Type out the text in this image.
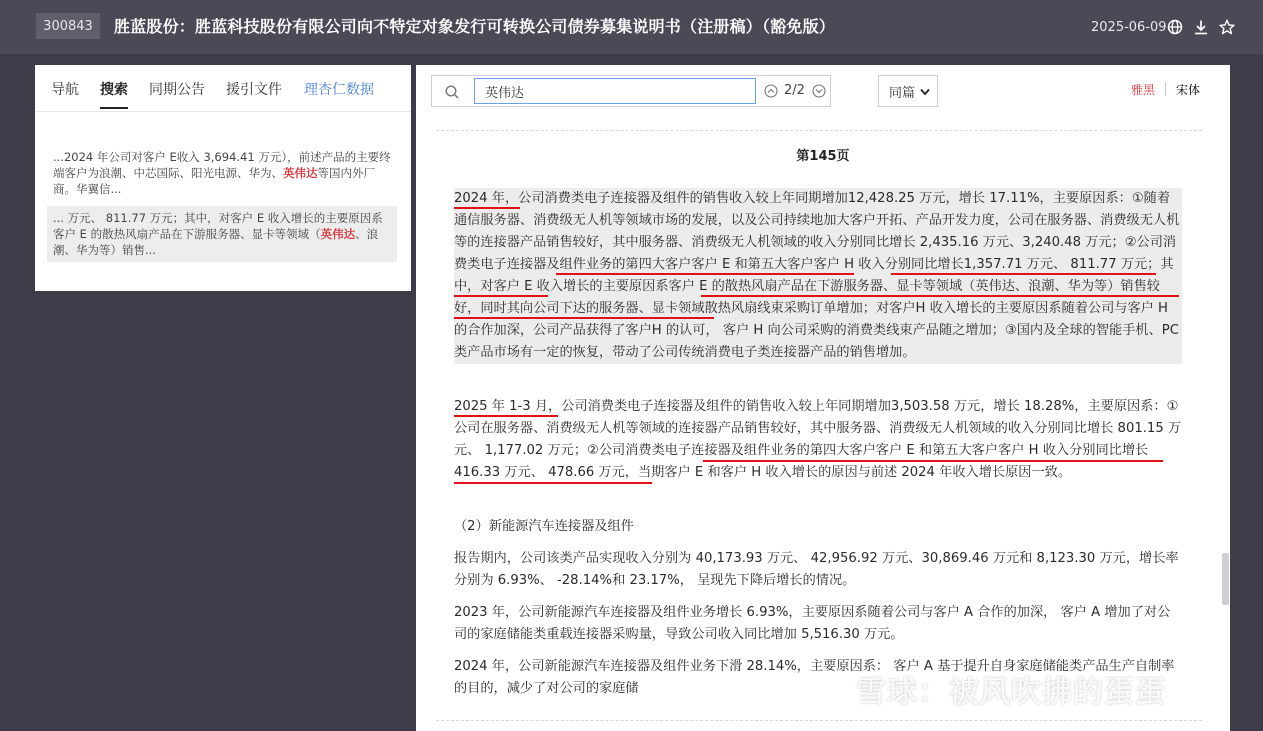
300843	胜蓝股份：胜蓝科技股份有限公司向不特定对象发行可转换公司债券募集说明书（注册稿）（豁免版）	2025-06-09
导航 搜索 同期公告 援引文件 理杏仁数据
...2024 年公司对客户 E收入 3,694.41 万元），前述产品的主要终端客户为浪潮、中芯国际、阳光电源、华为、英伟达等国内外厂商。华翼信...
... 万元、 811.77 万元；其中，对客户 E 收入增长的主要原因系客户 E 的散热风扇产品在下游服务器、显卡等领域（英伟达、浪潮、华为等）销售...
英伟达
2/2	同篇	雅黑	宋体
第145页

2024 年，公司消费类电子连接器及组件的销售收入较上年同期增加12,428.25 万元，增长 17.11%，主要原因系：①随着通信服务器、消费级无人机等领域市场的发展，以及公司持续地加大客户开拓、产品开发力度，公司在服务器、消费级无人机等的连接器产品销售较好，其中服务器、消费级无人机领域的收入分别同比增长 2,435.16 万元、3,240.48 万元；②公司消费类电子连接器及组件业务的第四大客户客户 E 和第五大客户客户 H 收入分别同比增长1,357.71 万元、 811.77 万元；其中，对客户 E 收入增长的主要原因系客户 E 的散热风扇产品在下游服务器、显卡等领域（英伟达、浪潮、华为等）销售较好，同时其向公司下达的服务器、显卡领域散热风扇线束采购订单增加；对客户H 收入增长的主要原因系随着公司与客户 H 的合作加深，公司产品获得了客户H 的认可， 客户 H 向公司采购的消费类线束产品随之增加；③国内及全球的智能手机、PC 类产品市场有一定的恢复，带动了公司传统消费电子类连接器产品的销售增加。

2025 年 1-3 月，公司消费类电子连接器及组件的销售收入较上年同期增加3,503.58 万元，增长 18.28%，主要原因系：①公司在服务器、消费级无人机等领域的连接器产品销售较好，其中服务器、消费级无人机领域的收入分别同比增长 801.15 万元、 1,177.02 万元；②公司消费类电子连接器及组件业务的第四大客户客户 E 和第五大客户客户 H 收入分别同比增长 416.33 万元、 478.66 万元，当期客户 E 和客户 H 收入增长的原因与前述 2024 年收入增长原因一致。

（2）新能源汽车连接器及组件

报告期内，公司该类产品实现收入分别为 40,173.93 万元、 42,956.92 万元、30,869.46 万元和 8,123.30 万元，增长率分别为 6.93%、 -28.14%和 23.17%， 呈现先下降后增长的情况。

2023 年，公司新能源汽车连接器及组件业务增长 6.93%，主要原因系随着公司与客户 A 合作的加深， 客户 A 增加了对公司的家庭储能类重载连接器采购量，导致公司收入同比增加 5,516.30 万元。

2024 年，公司新能源汽车连接器及组件业务下滑 28.14%，主要原因系： 客户 A 基于提升自身家庭储能类产品生产自制率的目的，减少了对公司的家庭储	雪球：被风吹拂的蛋蛋
